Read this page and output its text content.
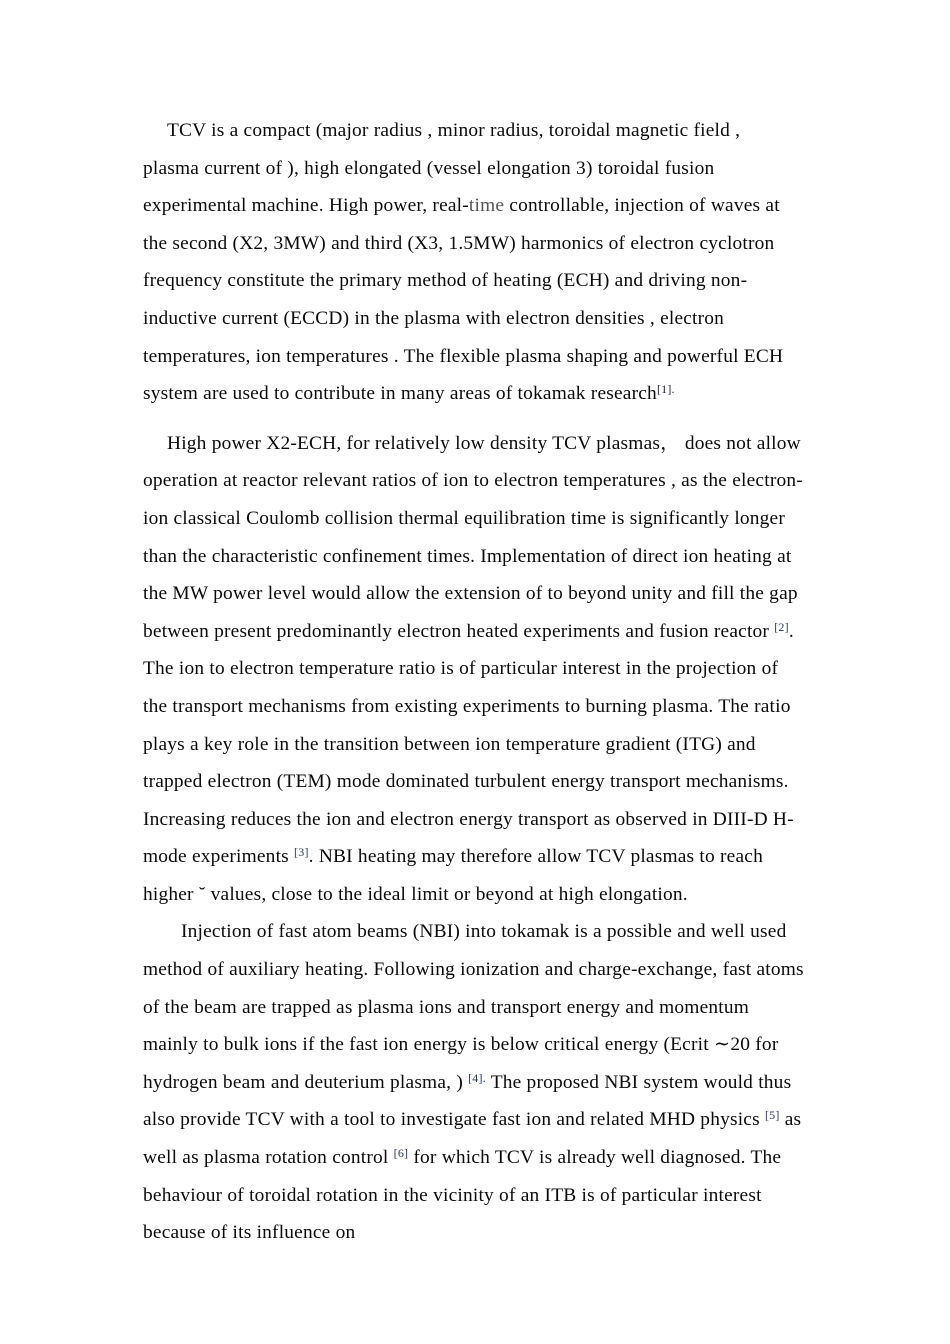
TCV is a compact (major radius , minor radius, toroidal magnetic field , plasma current of ), high elongated (vessel elongation 3) toroidal fusion experimental machine. High power, real-time controllable, injection of waves at the second (X2, 3MW) and third (X3, 1.5MW) harmonics of electron cyclotron frequency constitute the primary method of heating (ECH) and driving non-inductive current (ECCD) in the plasma with electron densities , electron temperatures, ion temperatures . The flexible plasma shaping and powerful ECH system are used to contribute in many areas of tokamak research$^{[1].}$

High power X2-ECH, for relatively low density TCV plasmas， does not allow operation at reactor relevant ratios of ion to electron temperatures , as the electron-ion classical Coulomb collision thermal equilibration time is significantly longer than the characteristic confinement times. Implementation of direct ion heating at the MW power level would allow the extension of to beyond unity and fill the gap between present predominantly electron heated experiments and fusion reactor [2]. The ion to electron temperature ratio is of particular interest in the projection of the transport mechanisms from existing experiments to burning plasma. The ratio plays a key role in the transition between ion temperature gradient (ITG) and trapped electron (TEM) mode dominated turbulent energy transport mechanisms. Increasing reduces the ion and electron energy transport as observed in DIII-D H-mode experiments [3]. NBI heating may therefore allow TCV plasmas to reach higher ˘ values, close to the ideal limit or beyond at high elongation.

Injection of fast atom beams (NBI) into tokamak is a possible and well used method of auxiliary heating. Following ionization and charge-exchange, fast atoms of the beam are trapped as plasma ions and transport energy and momentum mainly to bulk ions if the fast ion energy is below critical energy (Ecrit ∼20 for hydrogen beam and deuterium plasma, ) $^{[4].}$ The proposed NBI system would thus also provide TCV with a tool to investigate fast ion and related MHD physics [5] as well as plasma rotation control [6] for which TCV is already well diagnosed. The behaviour of toroidal rotation in the vicinity of an ITB is of particular interest because of its influence on
